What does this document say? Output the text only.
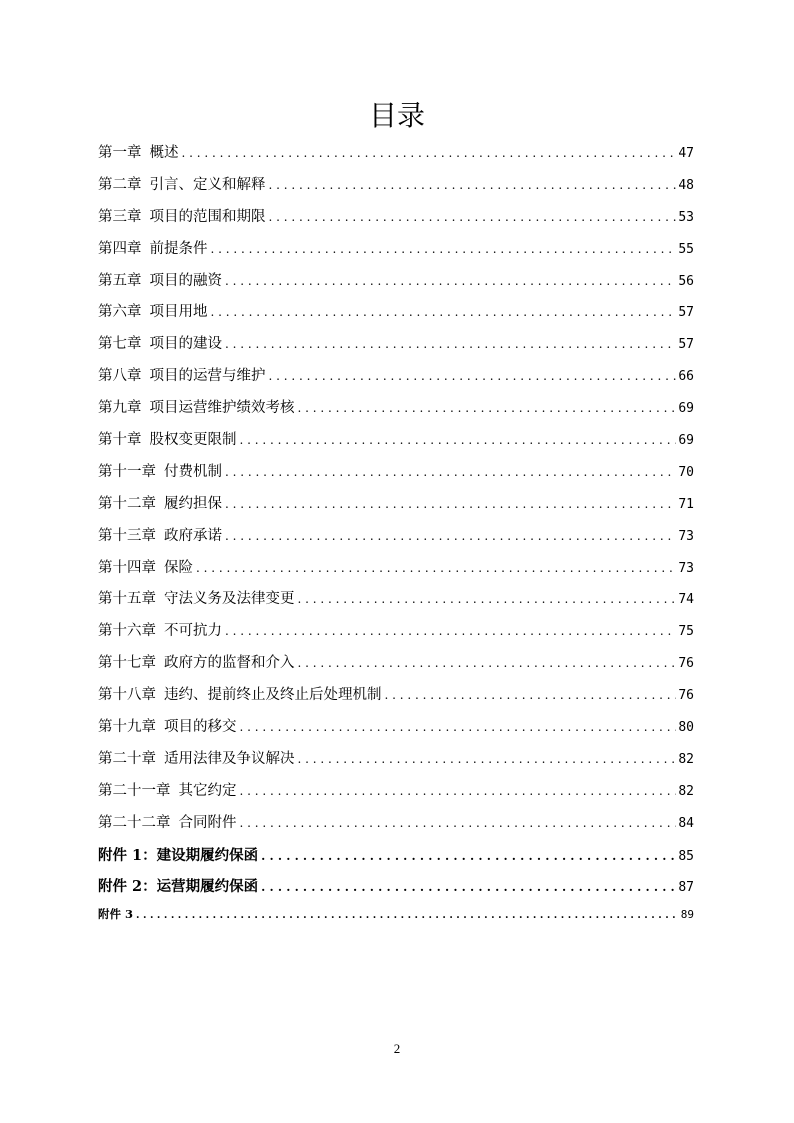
目录
第一章 概述 . . .	47
第二章 引言、定义和解释 . . .	48
第三章 项目的范围和期限 . . .	53
第四章 前提条件 . . .	55
第五章 项目的融资 . . .	56
第六章 项目用地 . . .	57
第七章 项目的建设 . . .	57
第八章 项目的运营与维护 . . .	66
第九章 项目运营维护绩效考核 . . .	69
第十章 股权变更限制 . . .	69
第十一章 付费机制 . . .	70
第十二章 履约担保 . . .	71
第十三章 政府承诺 . . .	73
第十四章 保险 . . .	73
第十五章 守法义务及法律变更 . . .	74
第十六章 不可抗力 . . .	75
第十七章 政府方的监督和介入 . . .	76
第十八章 违约、提前终止及终止后处理机制 . . .	76
第十九章 项目的移交 . . .	80
第二十章 适用法律及争议解决 . . .	82
第二十一章 其它约定 . . .	82
第二十二章 合同附件 . . .	84
附件 1：建设期履约保函 . . .	85
附件 2：运营期履约保函 . . .	87
附件 3 . . .	89
2
